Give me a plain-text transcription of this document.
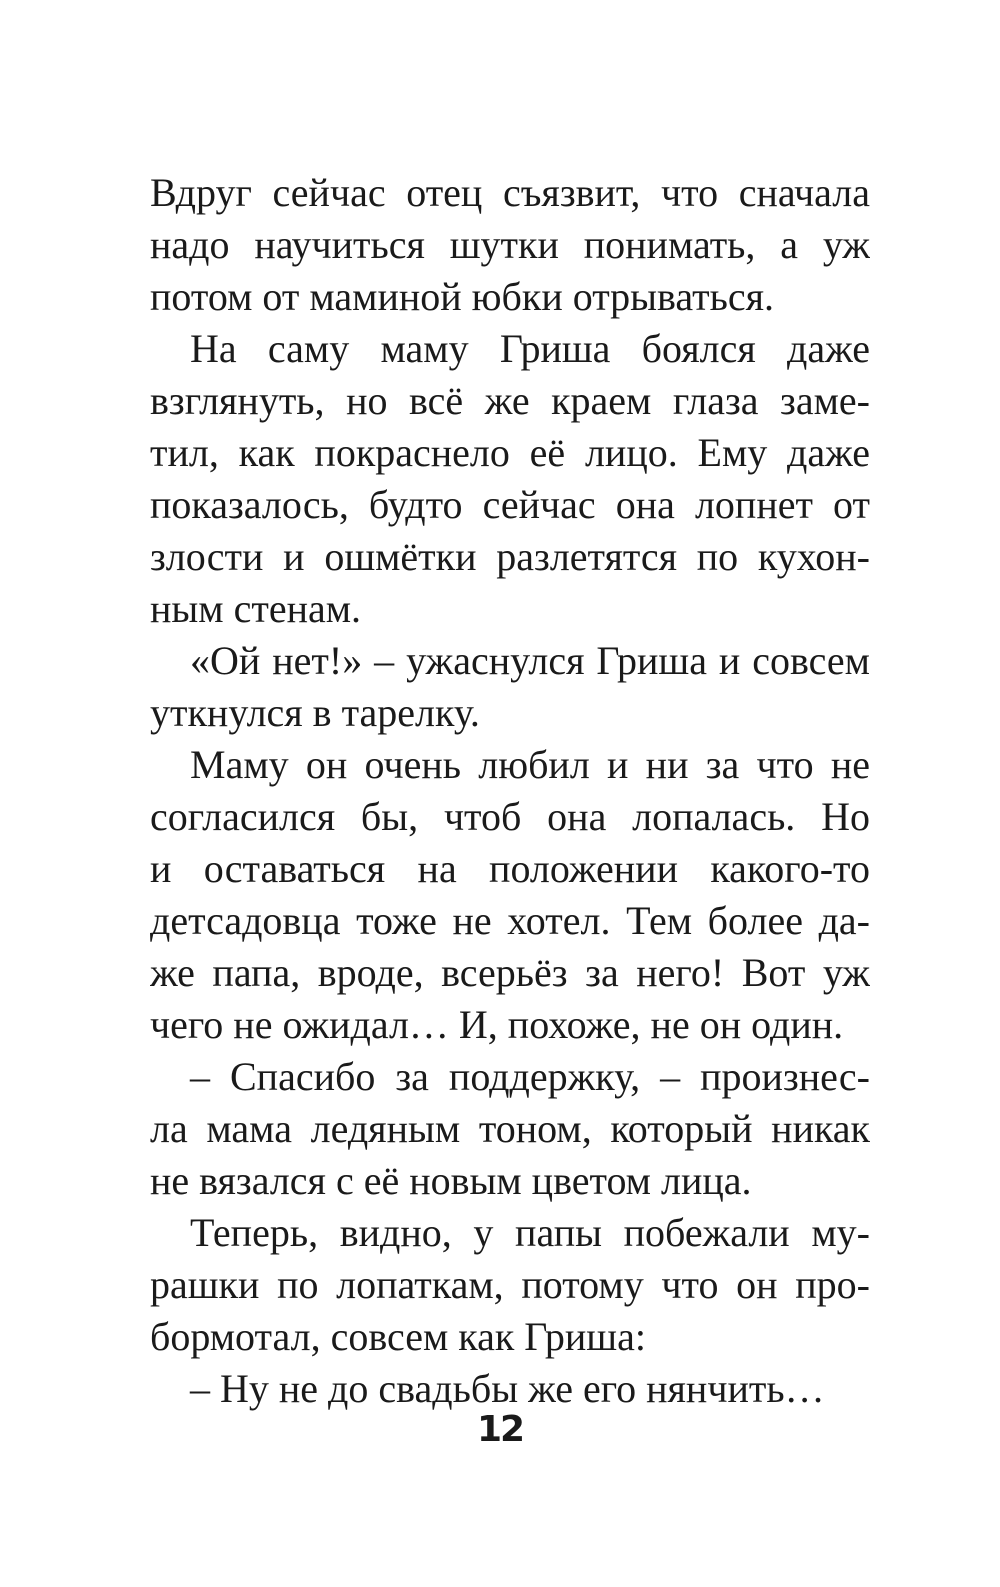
Вдруг сейчас отец съязвит, что сначала
надо научиться шутки понимать, а уж
потом от маминой юбки отрываться.
На саму маму Гриша боялся даже
взглянуть, но всё же краем глаза заме-
тил, как покраснело её лицо. Ему даже
показалось, будто сейчас она лопнет от
злости и ошмётки разлетятся по кухон-
ным стенам.
«Ой нет!» – ужаснулся Гриша и совсем
уткнулся в тарелку.
Маму он очень любил и ни за что не
согласился бы, чтоб она лопалась. Но
и оставаться на положении какого-то
детсадовца тоже не хотел. Тем более да-
же папа, вроде, всерьёз за него! Вот уж
чего не ожидал… И, похоже, не он один.
– Спасибо за поддержку, – произнес-
ла мама ледяным тоном, который никак
не вязался с её новым цветом лица.
Теперь, видно, у папы побежали му-
рашки по лопаткам, потому что он про-
бормотал, совсем как Гриша:
– Ну не до свадьбы же его нянчить…
12
